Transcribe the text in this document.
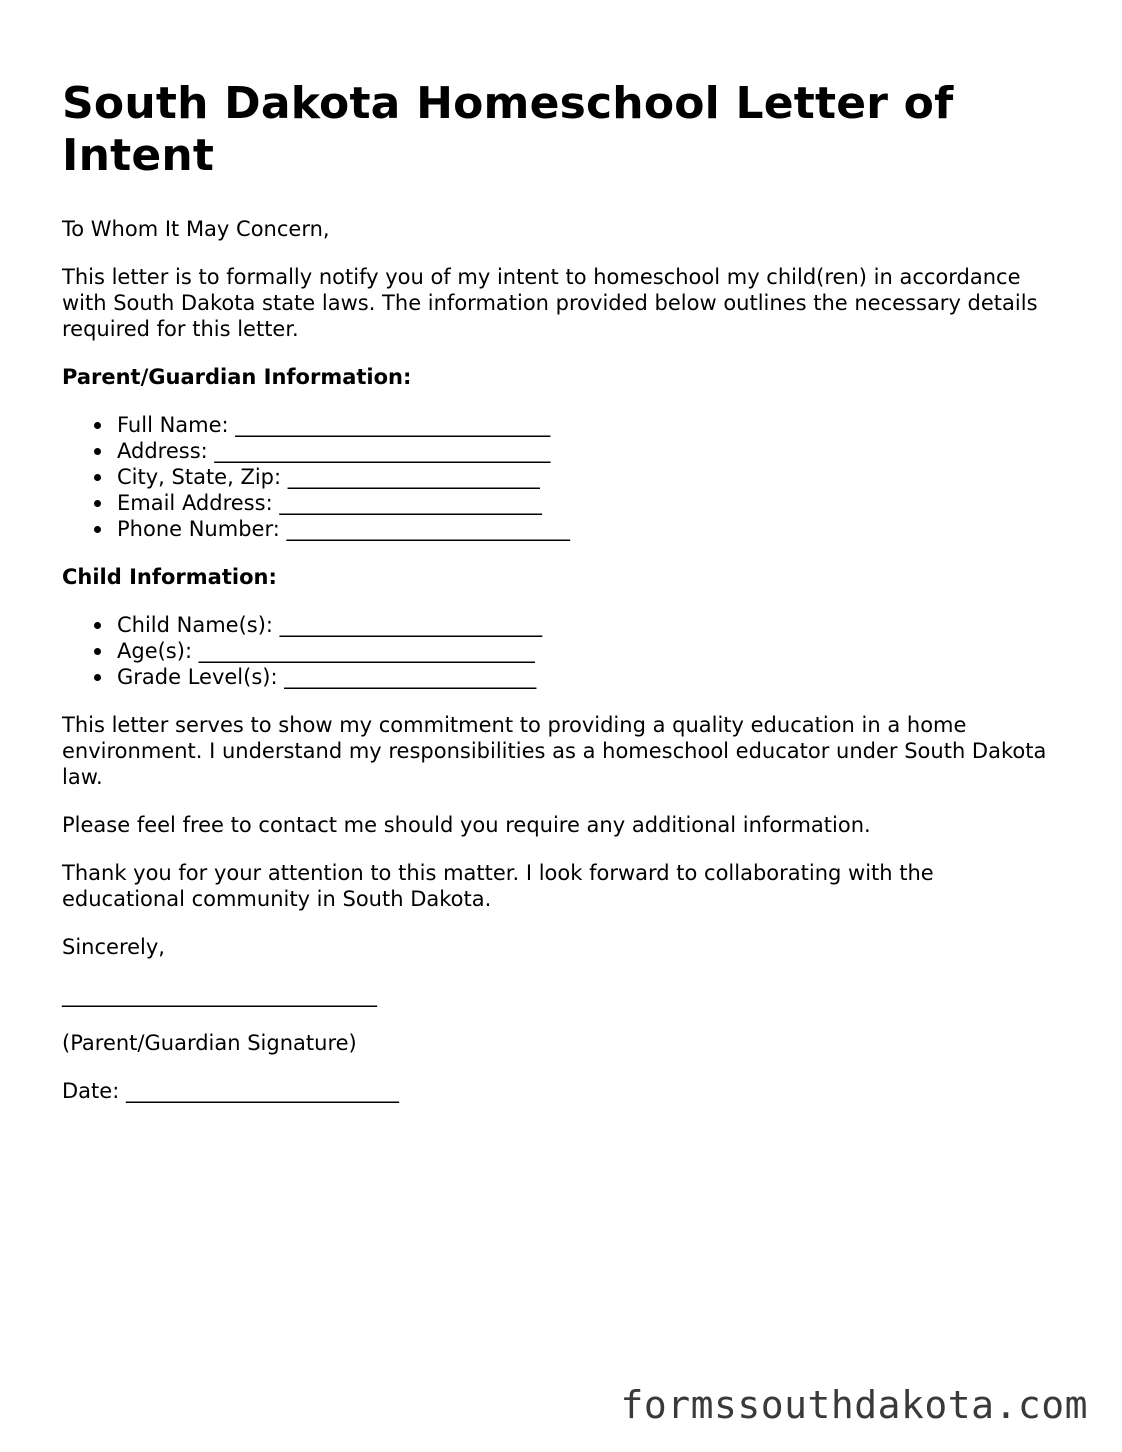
South Dakota Homeschool Letter of Intent

To Whom It May Concern,

This letter is to formally notify you of my intent to homeschool my child(ren) in accordance with South Dakota state laws. The information provided below outlines the necessary details required for this letter.

Parent/Guardian Information:

Full Name: ______________________________
Address: ________________________________
City, State, Zip: ________________________
Email Address: _________________________
Phone Number: ___________________________

Child Information:

Child Name(s): _________________________
Age(s): ________________________________
Grade Level(s): ________________________

This letter serves to show my commitment to providing a quality education in a home environment. I understand my responsibilities as a homeschool educator under South Dakota law.

Please feel free to contact me should you require any additional information.

Thank you for your attention to this matter. I look forward to collaborating with the educational community in South Dakota.

Sincerely,

______________________________

(Parent/Guardian Signature)

Date: __________________________

formssouthdakota.com
